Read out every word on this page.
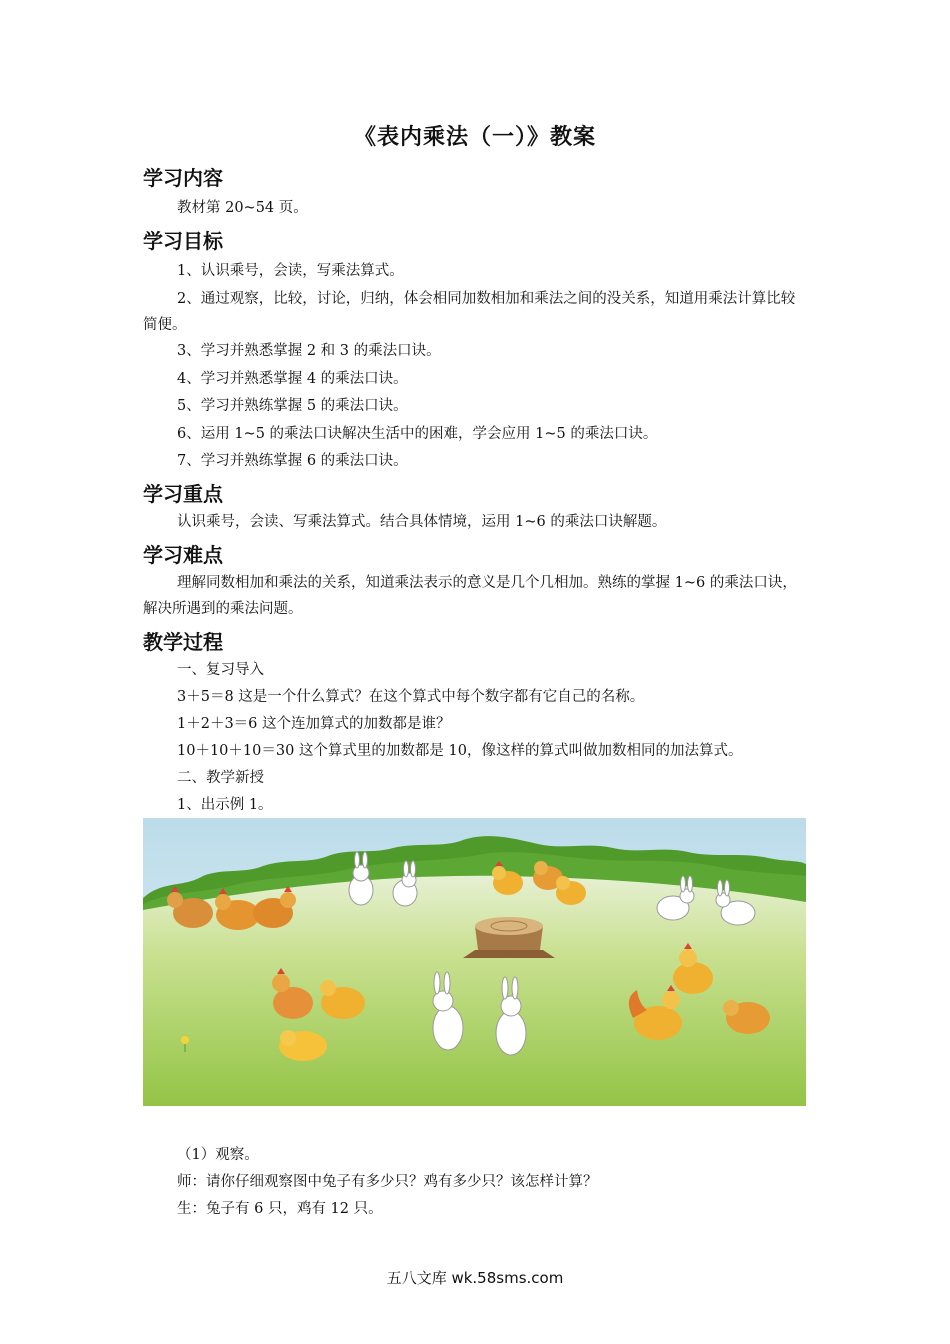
《表内乘法（一）》教案
学习内容
教材第 20~54 页。
学习目标
1、认识乘号，会读，写乘法算式。
2、通过观察，比较，讨论，归纳，体会相同加数相加和乘法之间的没关系，知道用乘法计算比较简便。
3、学习并熟悉掌握 2 和 3 的乘法口诀。
4、学习并熟悉掌握 4 的乘法口诀。
5、学习并熟练掌握 5 的乘法口诀。
6、运用 1~5 的乘法口诀解决生活中的困难，学会应用 1~5 的乘法口诀。
7、学习并熟练掌握 6 的乘法口诀。
学习重点
认识乘号，会读、写乘法算式。结合具体情境，运用 1~6 的乘法口诀解题。
学习难点
理解同数相加和乘法的关系，知道乘法表示的意义是几个几相加。熟练的掌握 1~6 的乘法口诀，解决所遇到的乘法问题。
教学过程
一、复习导入
3＋5＝8 这是一个什么算式？在这个算式中每个数字都有它自己的名称。
1＋2＋3＝6 这个连加算式的加数都是谁？
10＋10＋10＝30 这个算式里的加数都是 10，像这样的算式叫做加数相同的加法算式。
二、教学新授
1、出示例 1。
（1）观察。
师：请你仔细观察图中兔子有多少只？鸡有多少只？该怎样计算？
生：兔子有 6 只，鸡有 12 只。
五八文库 wk.58sms.com
